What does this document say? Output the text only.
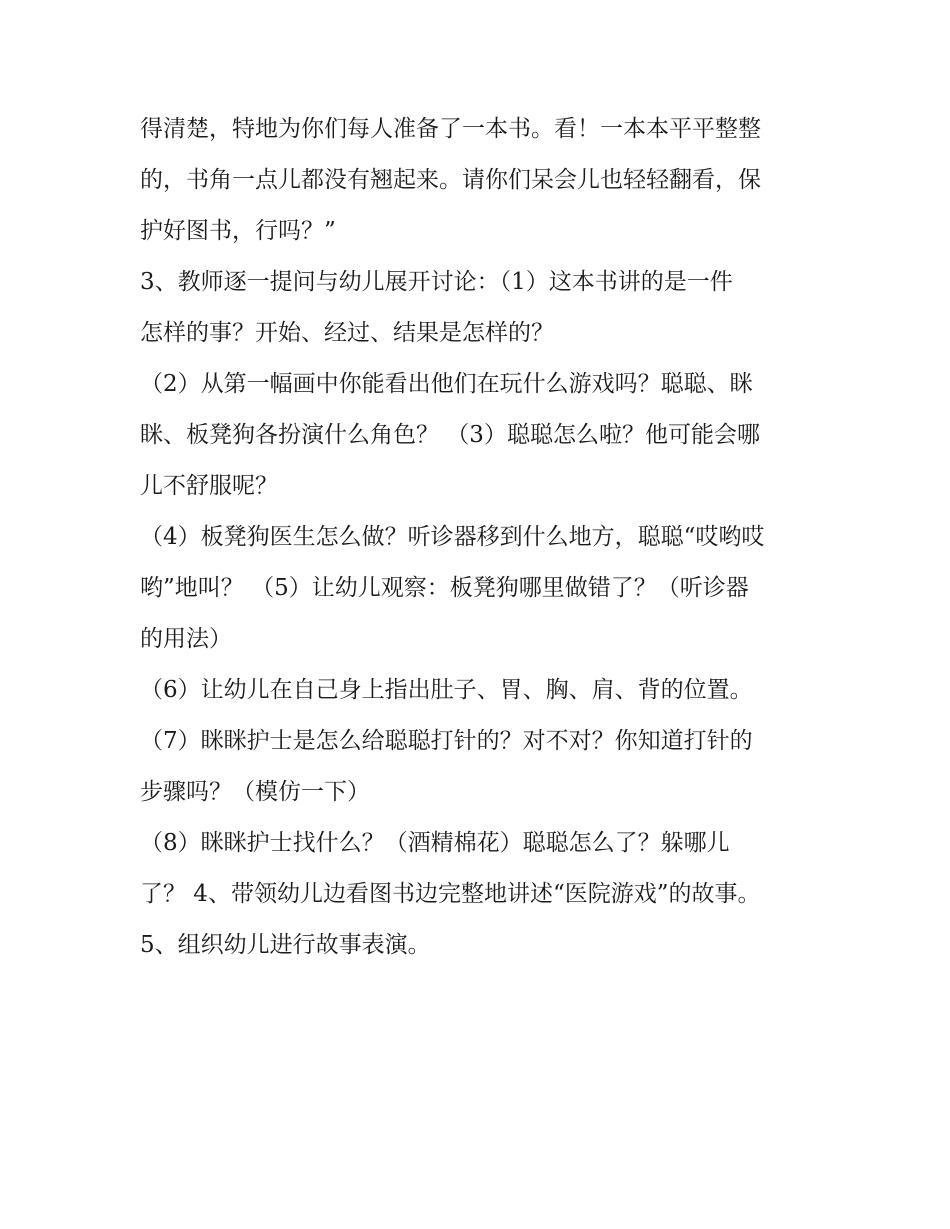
得清楚，特地为你们每人准备了一本书。看！一本本平平整整
的，书角一点儿都没有翘起来。请你们呆会儿也轻轻翻看，保
护好图书，行吗？”
3、教师逐一提问与幼儿展开讨论：（1）这本书讲的是一件
怎样的事？开始、经过、结果是怎样的？
（2）从第一幅画中你能看出他们在玩什么游戏吗？聪聪、眯
眯、板凳狗各扮演什么角色？ （3）聪聪怎么啦？他可能会哪
儿不舒服呢？
（4）板凳狗医生怎么做？听诊器移到什么地方，聪聪“哎哟哎
哟”地叫？ （5）让幼儿观察：板凳狗哪里做错了？（听诊器
的用法）
（6）让幼儿在自己身上指出肚子、胃、胸、肩、背的位置。
（7）眯眯护士是怎么给聪聪打针的？对不对？你知道打针的
步骤吗？（模仿一下）
（8）眯眯护士找什么？（酒精棉花）聪聪怎么了？躲哪儿
了？ 4、带领幼儿边看图书边完整地讲述“医院游戏”的故事。
5、组织幼儿进行故事表演。
